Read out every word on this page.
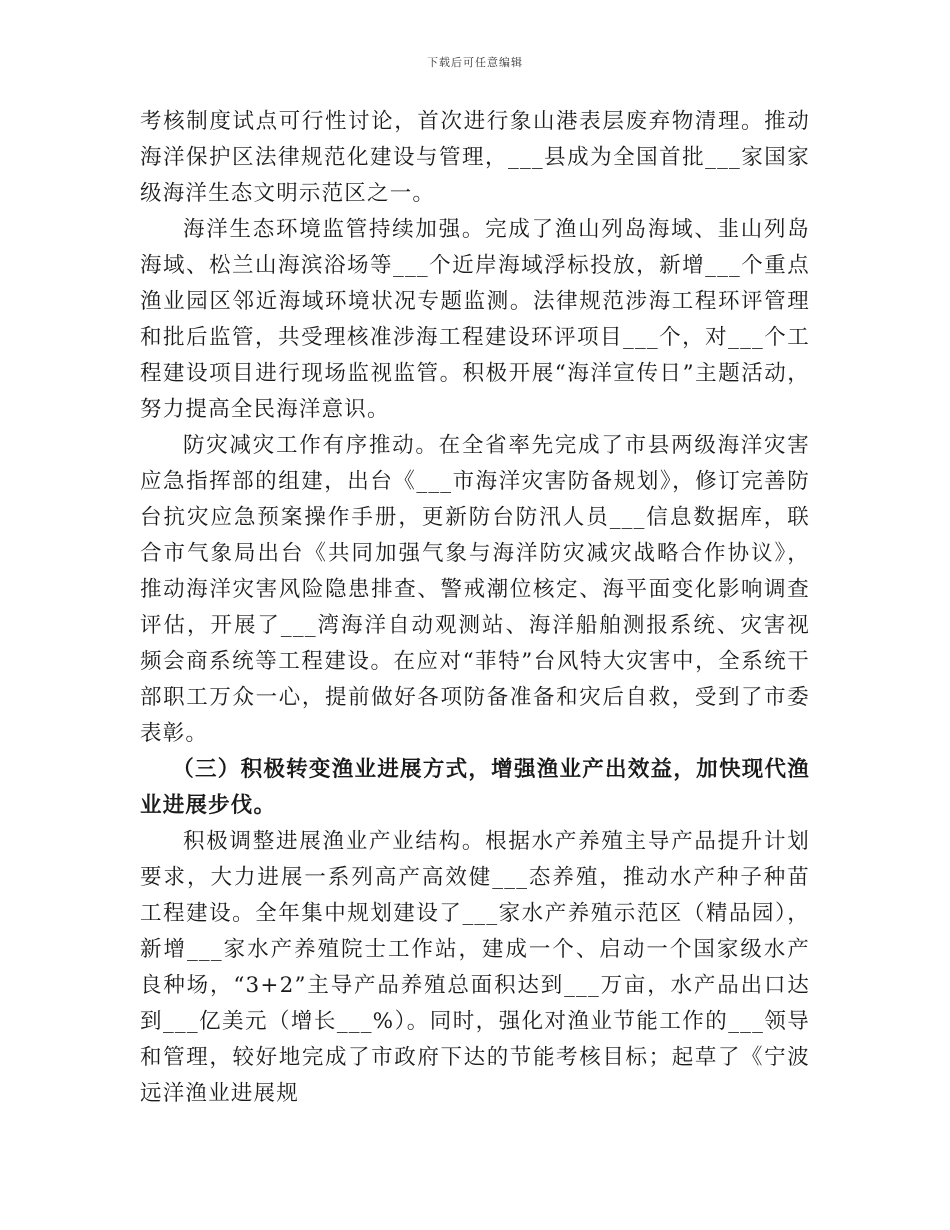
下载后可任意编辑

考核制度试点可行性讨论，首次进行象山港表层废弃物清理。推动海洋保护区法律规范化建设与管理，___县成为全国首批___家国家级海洋生态文明示范区之一。

海洋生态环境监管持续加强。完成了渔山列岛海域、韭山列岛海域、松兰山海滨浴场等___个近岸海域浮标投放，新增___个重点渔业园区邻近海域环境状况专题监测。法律规范涉海工程环评管理和批后监管，共受理核准涉海工程建设环评项目___个，对___个工程建设项目进行现场监视监管。积极开展“海洋宣传日”主题活动，努力提高全民海洋意识。

防灾减灾工作有序推动。在全省率先完成了市县两级海洋灾害应急指挥部的组建，出台《___市海洋灾害防备规划》，修订完善防台抗灾应急预案操作手册，更新防台防汛人员___信息数据库，联合市气象局出台《共同加强气象与海洋防灾减灾战略合作协议》，推动海洋灾害风险隐患排查、警戒潮位核定、海平面变化影响调查评估，开展了___湾海洋自动观测站、海洋船舶测报系统、灾害视频会商系统等工程建设。在应对“菲特”台风特大灾害中，全系统干部职工万众一心，提前做好各项防备准备和灾后自救，受到了市委表彰。

（三）积极转变渔业进展方式，增强渔业产出效益，加快现代渔业进展步伐。

积极调整进展渔业产业结构。根据水产养殖主导产品提升计划要求，大力进展一系列高产高效健___态养殖，推动水产种子种苗工程建设。全年集中规划建设了___家水产养殖示范区（精品园），新增___家水产养殖院士工作站，建成一个、启动一个国家级水产良种场，“3+2”主导产品养殖总面积达到___万亩，水产品出口达到___亿美元（增长___%）。同时，强化对渔业节能工作的___领导和管理，较好地完成了市政府下达的节能考核目标；起草了《宁波远洋渔业进展规
